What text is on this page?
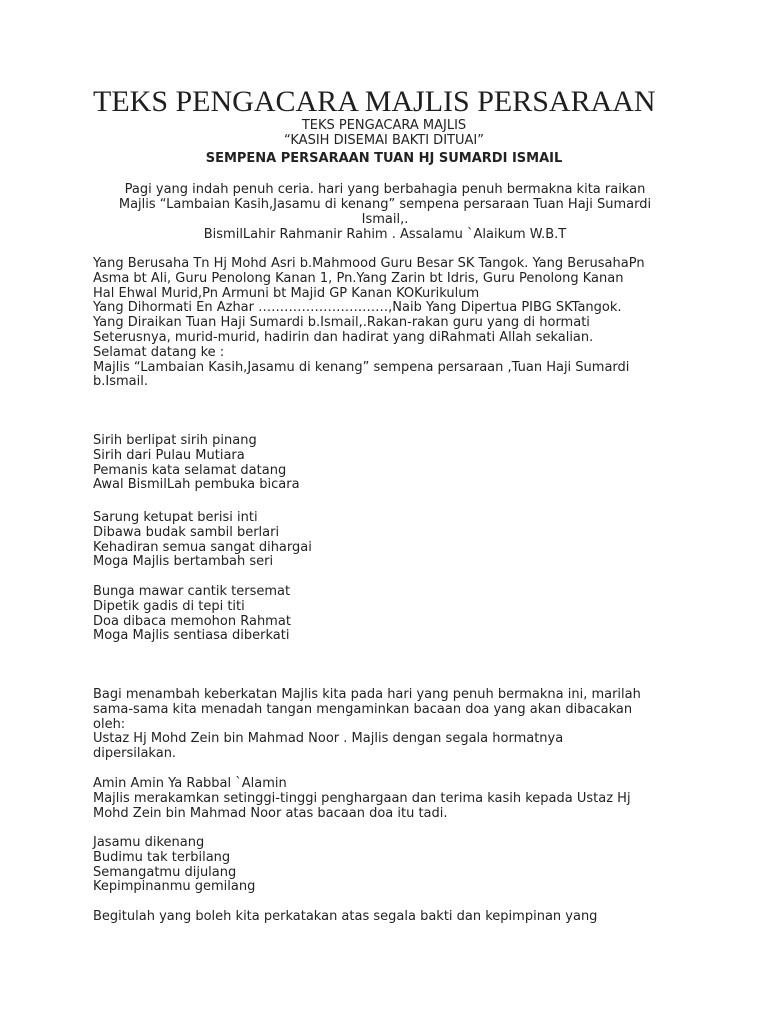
TEKS PENGACARA MAJLIS PERSARAAN

TEKS PENGACARA MAJLIS

“KASIH DISEMAI BAKTI DITUAI”

SEMPENA PERSARAAN TUAN HJ SUMARDI ISMAIL

Pagi yang indah penuh ceria. hari yang berbahagia penuh bermakna kita raikan
Majlis “Lambaian Kasih,Jasamu di kenang” sempena persaraan Tuan Haji Sumardi
Ismail,.
BismilLahir Rahmanir Rahim . Assalamu `Alaikum W.B.T
Yang Berusaha Tn Hj Mohd Asri b.Mahmood Guru Besar SK Tangok. Yang BerusahaPn
Asma bt Ali, Guru Penolong Kanan 1, Pn.Yang Zarin bt Idris, Guru Penolong Kanan
Hal Ehwal Murid,Pn Armuni bt Majid GP Kanan KOKurikulum
Yang Dihormati En Azhar …………………………,Naib Yang Dipertua PIBG SKTangok.
Yang Diraikan Tuan Haji Sumardi b.Ismail,.Rakan-rakan guru yang di hormati
Seterusnya, murid-murid, hadirin dan hadirat yang diRahmati Allah sekalian.
Selamat datang ke :
Majlis “Lambaian Kasih,Jasamu di kenang” sempena persaraan ,Tuan Haji Sumardi
b.Ismail.
Sirih berlipat sirih pinang
Sirih dari Pulau Mutiara
Pemanis kata selamat datang
Awal BismilLah pembuka bicara
Sarung ketupat berisi inti
Dibawa budak sambil berlari
Kehadiran semua sangat dihargai
Moga Majlis bertambah seri
Bunga mawar cantik tersemat
Dipetik gadis di tepi titi
Doa dibaca memohon Rahmat
Moga Majlis sentiasa diberkati
Bagi menambah keberkatan Majlis kita pada hari yang penuh bermakna ini, marilah
sama-sama kita menadah tangan mengaminkan bacaan doa yang akan dibacakan
oleh:
Ustaz Hj Mohd Zein bin Mahmad Noor . Majlis dengan segala hormatnya
dipersilakan.
Amin Amin Ya Rabbal `Alamin
Majlis merakamkan setinggi-tinggi penghargaan dan terima kasih kepada Ustaz Hj
Mohd Zein bin Mahmad Noor atas bacaan doa itu tadi.
Jasamu dikenang
Budimu tak terbilang
Semangatmu dijulang
Kepimpinanmu gemilang
Begitulah yang boleh kita perkatakan atas segala bakti dan kepimpinan yang
